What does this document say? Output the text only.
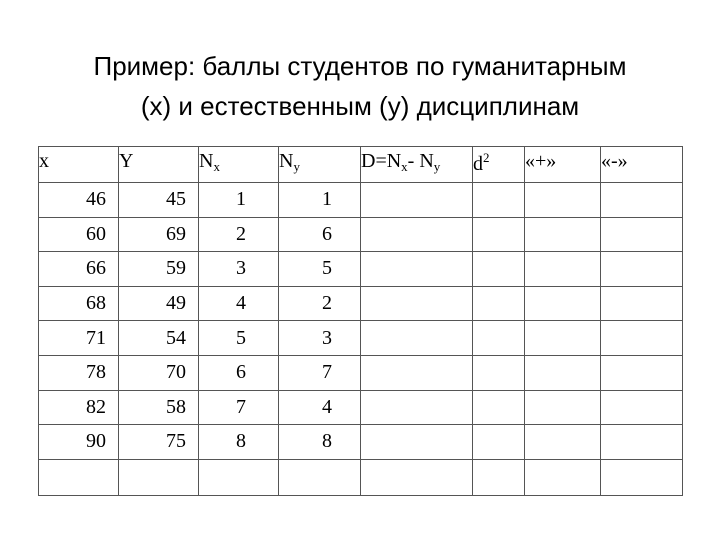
Пример: баллы студентов по гуманитарным
(х) и естественным (у) дисциплинам
x	Y	$N_x$	$N_y$	$D=N_x-$ $N_y$	$d^2$	«+»	«-»
46	45	1	1				
60	69	2	6				
66	59	3	5				
68	49	4	2				
71	54	5	3				
78	70	6	7				
82	58	7	4				
90	75	8	8				
